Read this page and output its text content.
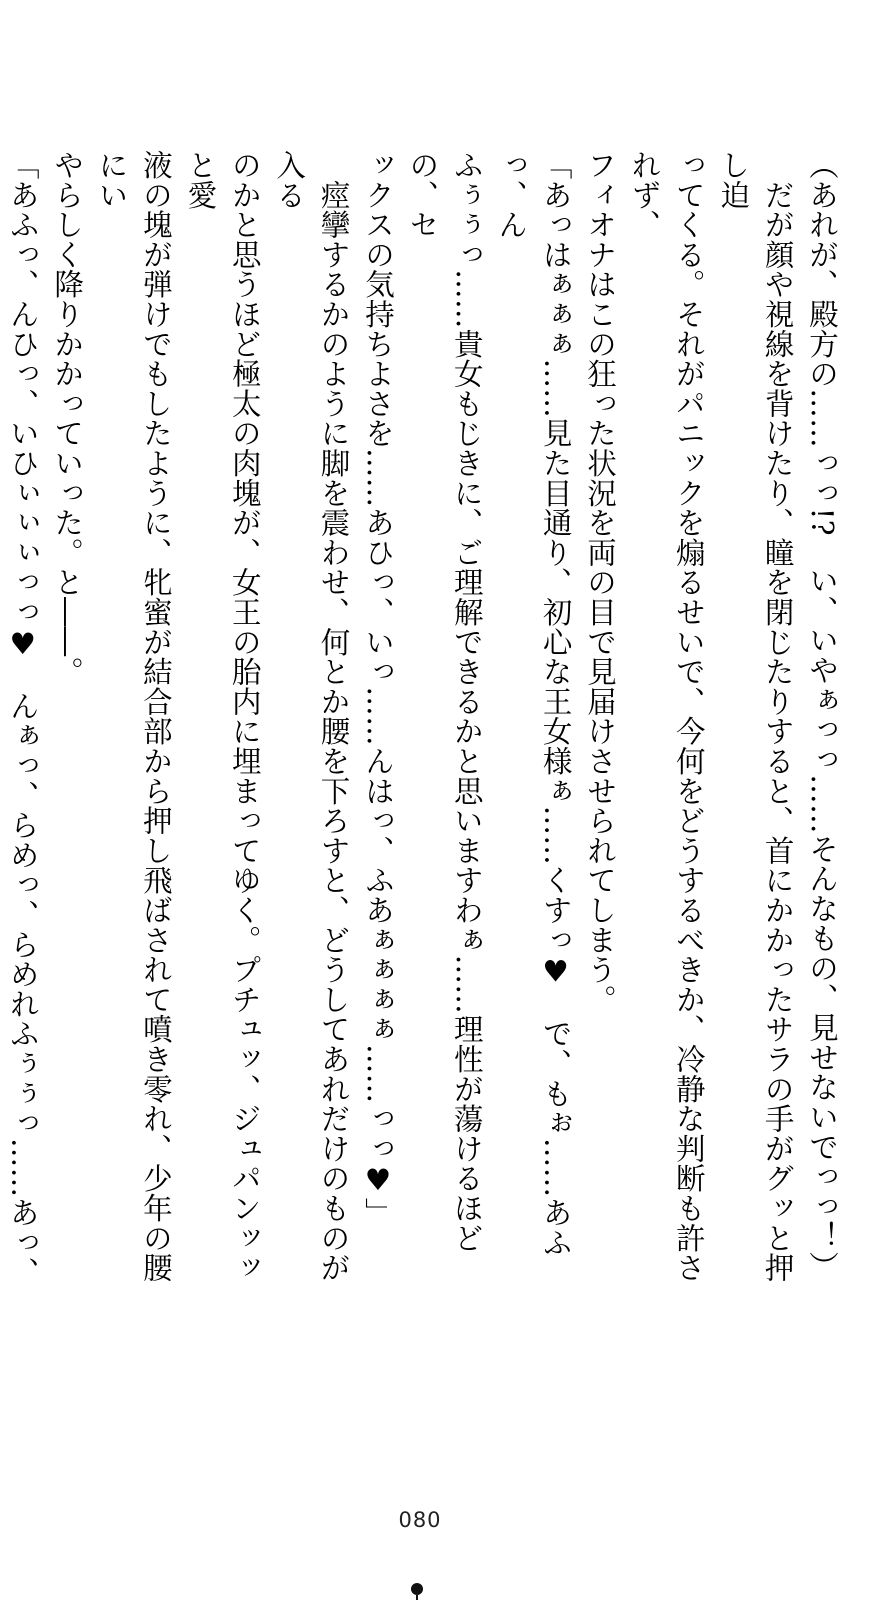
（あれが、殿方の……っっ!?　い、いやぁっっ……そんなもの、見せないでっっ！）

　だが顔や視線を背けたり、瞳を閉じたりすると、首にかかったサラの手がグッと押し迫

ってくる。それがパニックを煽るせいで、今何をどうするべきか、冷静な判断も許されず、

フィオナはこの狂った状況を両の目で見届けさせられてしまう。

「あっはぁぁぁ……見た目通り、初心な王女様ぁ……くすっ♥　で、もぉ……あふっ、ん

ふぅぅっ……貴女もじきに、ご理解できるかと思いますわぁ……理性が蕩けるほどの、セ

ックスの気持ちよさを……あひっ、いっ……んはっ、ふあぁぁぁぁ……っっ♥」

　痙攣するかのように脚を震わせ、何とか腰を下ろすと、どうしてあれだけのものが入る

のかと思うほど極太の肉塊が、女王の胎内に埋まってゆく。プチュッ、ジュパンッッと愛

液の塊が弾けでもしたように、牝蜜が結合部から押し飛ばされて噴き零れ、少年の腰にい

やらしく降りかかっていった。と――。

「あふっ、んひっ、いひぃぃぃっっ♥　んぁっ、らめっ、らめれふぅぅっ……あっ、

080
